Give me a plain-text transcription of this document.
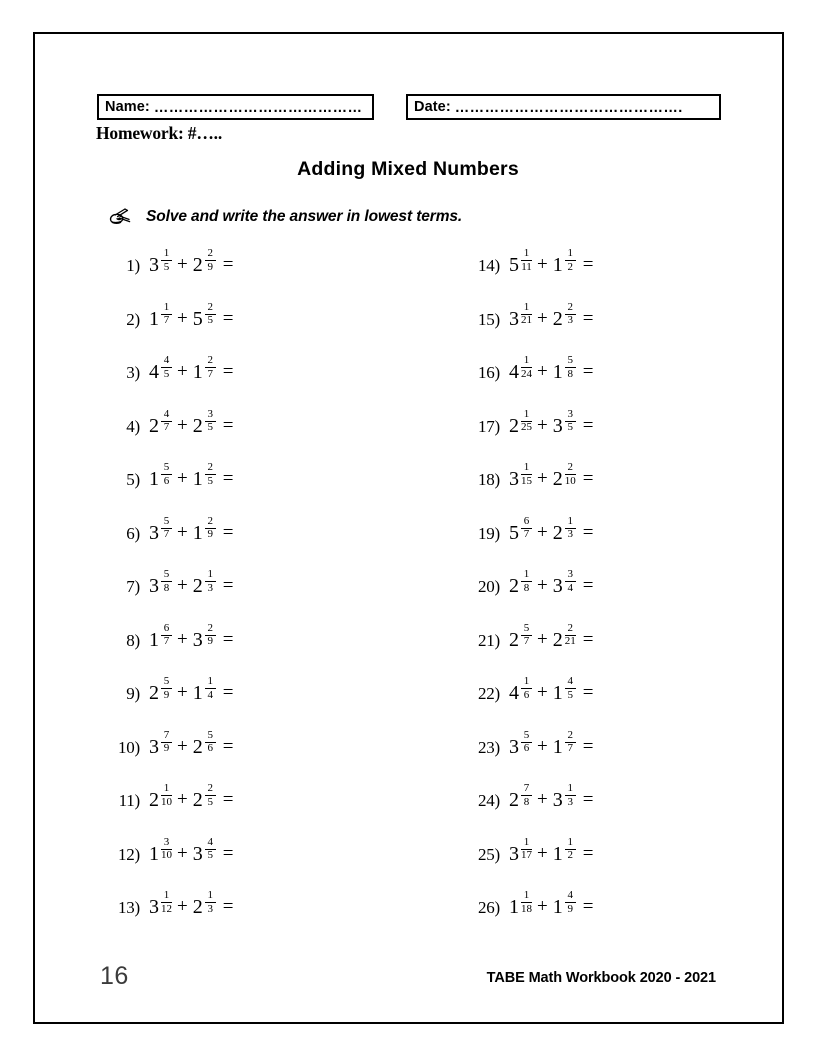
Name: ……………………………………	Date: ……………………………………….
Homework: #…..
Adding Mixed Numbers
Solve and write the answer in lowest terms.
1) $3 \frac{1}{5} + 2 \frac{2}{9}$ =
2) $1 \frac{1}{7} + 5 \frac{2}{5}$ =
3) $4 \frac{4}{5} + 1 \frac{2}{7}$ =
4) $2 \frac{4}{7} + 2 \frac{3}{5}$ =
5) $1 \frac{5}{6} + 1 \frac{2}{5}$ =
6) $3 \frac{5}{7} + 1 \frac{2}{9}$ =
7) $3 \frac{5}{8} + 2 \frac{1}{3}$ =
8) $1 \frac{6}{7} + 3 \frac{2}{9}$ =
9) $2 \frac{5}{9} + 1 \frac{1}{4}$ =
10) $3 \frac{7}{9} + 2 \frac{5}{6}$ =
11) $2 \frac{1}{10} + 2 \frac{2}{5}$ =
12) $1 \frac{3}{10} + 3 \frac{4}{5}$ =
13) $3 \frac{1}{12} + 2 \frac{1}{3}$ =
14) $5 \frac{1}{11} + 1 \frac{1}{2}$ =
15) $3 \frac{1}{21} + 2 \frac{2}{3}$ =
16) $4 \frac{1}{24} + 1 \frac{5}{8}$ =
17) $2 \frac{1}{25} + 3 \frac{3}{5}$ =
18) $3 \frac{1}{15} + 2 \frac{2}{10}$ =
19) $5 \frac{6}{7} + 2 \frac{1}{3}$ =
20) $2 \frac{1}{8} + 3 \frac{3}{4}$ =
21) $2 \frac{5}{7} + 2 \frac{2}{21}$ =
22) $4 \frac{1}{6} + 1 \frac{4}{5}$ =
23) $3 \frac{5}{6} + 1 \frac{2}{7}$ =
24) $2 \frac{7}{8} + 3 \frac{1}{3}$ =
25) $3 \frac{1}{17} + 1 \frac{1}{2}$ =
26) $1 \frac{1}{18} + 1 \frac{4}{9}$ =
16	TABE Math Workbook 2020 - 2021
